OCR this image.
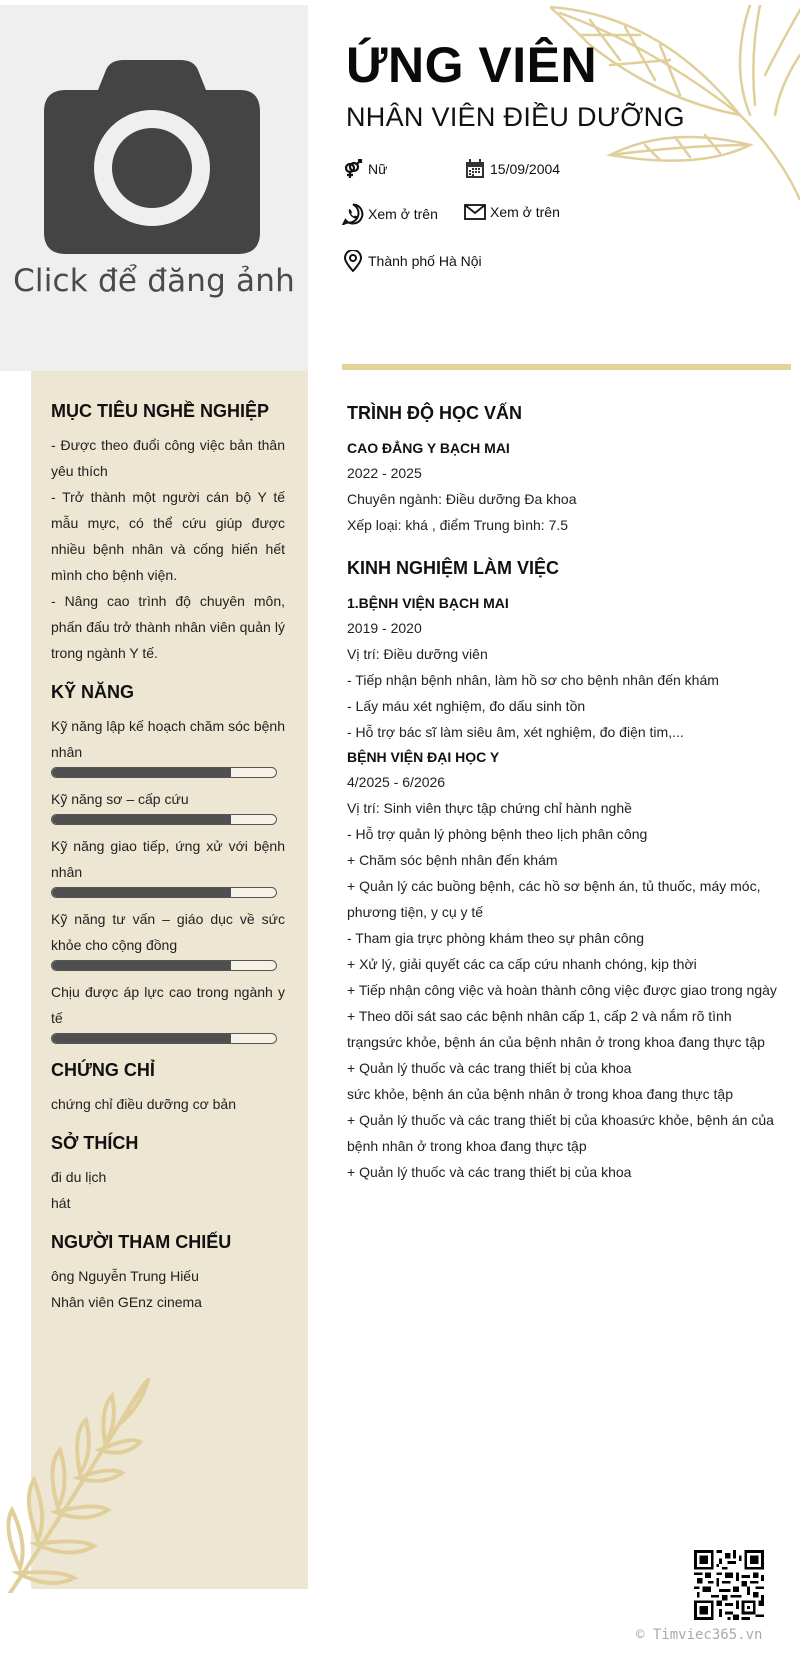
Click để đăng ảnh
MỤC TIÊU NGHỀ NGHIỆP
- Được theo đuổi công việc bản thân yêu thích
- Trở thành một người cán bộ Y tế mẫu mực, có thể cứu giúp được nhiều bệnh nhân và cống hiến hết mình cho bệnh viện.
- Nâng cao trình độ chuyên môn, phấn đấu trở thành nhân viên quản lý trong ngành Y tế.
KỸ NĂNG
Kỹ năng lập kế hoạch chăm sóc bệnh nhân
Kỹ năng sơ – cấp cứu
Kỹ năng giao tiếp, ứng xử với bệnh nhân
Kỹ năng tư vấn – giáo dục về sức khỏe cho cộng đồng
Chịu được áp lực cao trong ngành y tế
CHỨNG CHỈ
chứng chỉ điều dưỡng cơ bản
SỞ THÍCH
đi du lịch
hát
NGƯỜI THAM CHIẾU
ông Nguyễn Trung Hiếu
Nhân viên GEnz cinema
ỨNG VIÊN
NHÂN VIÊN ĐIỀU DƯỠNG
Nữ	15/09/2004
Xem ở trên	Xem ở trên
Thành phố Hà Nội
TRÌNH ĐỘ HỌC VẤN
CAO ĐẲNG Y BẠCH MAI
2022 - 2025
Chuyên ngành: Điều dưỡng Đa khoa
Xếp loại: khá , điểm Trung bình: 7.5
KINH NGHIỆM LÀM VIỆC
1.BỆNH VIỆN BẠCH MAI
2019 - 2020
Vị trí: Điều dưỡng viên
- Tiếp nhận bệnh nhân, làm hồ sơ cho bệnh nhân đến khám
- Lấy máu xét nghiệm, đo dấu sinh tồn
- Hỗ trợ bác sĩ làm siêu âm, xét nghiệm, đo điện tim,...
BỆNH VIỆN ĐẠI HỌC Y
4/2025 - 6/2026
Vị trí: Sinh viên thực tập chứng chỉ hành nghề
- Hỗ trợ quản lý phòng bệnh theo lịch phân công
+ Chăm sóc bệnh nhân đến khám
+ Quản lý các buồng bệnh, các hồ sơ bệnh án, tủ thuốc, máy móc, phương tiện, y cụ y tế
- Tham gia trực phòng khám theo sự phân công
+ Xử lý, giải quyết các ca cấp cứu nhanh chóng, kịp thời
+ Tiếp nhận công việc và hoàn thành công việc được giao trong ngày
+ Theo dõi sát sao các bệnh nhân cấp 1, cấp 2 và nắm rõ tình trạngsức khỏe, bệnh án của bệnh nhân ở trong khoa đang thực tập
+ Quản lý thuốc và các trang thiết bị của khoa
sức khỏe, bệnh án của bệnh nhân ở trong khoa đang thực tập
+ Quản lý thuốc và các trang thiết bị của khoasức khỏe, bệnh án của bệnh nhân ở trong khoa đang thực tập
+ Quản lý thuốc và các trang thiết bị của khoa
© Timviec365.vn
